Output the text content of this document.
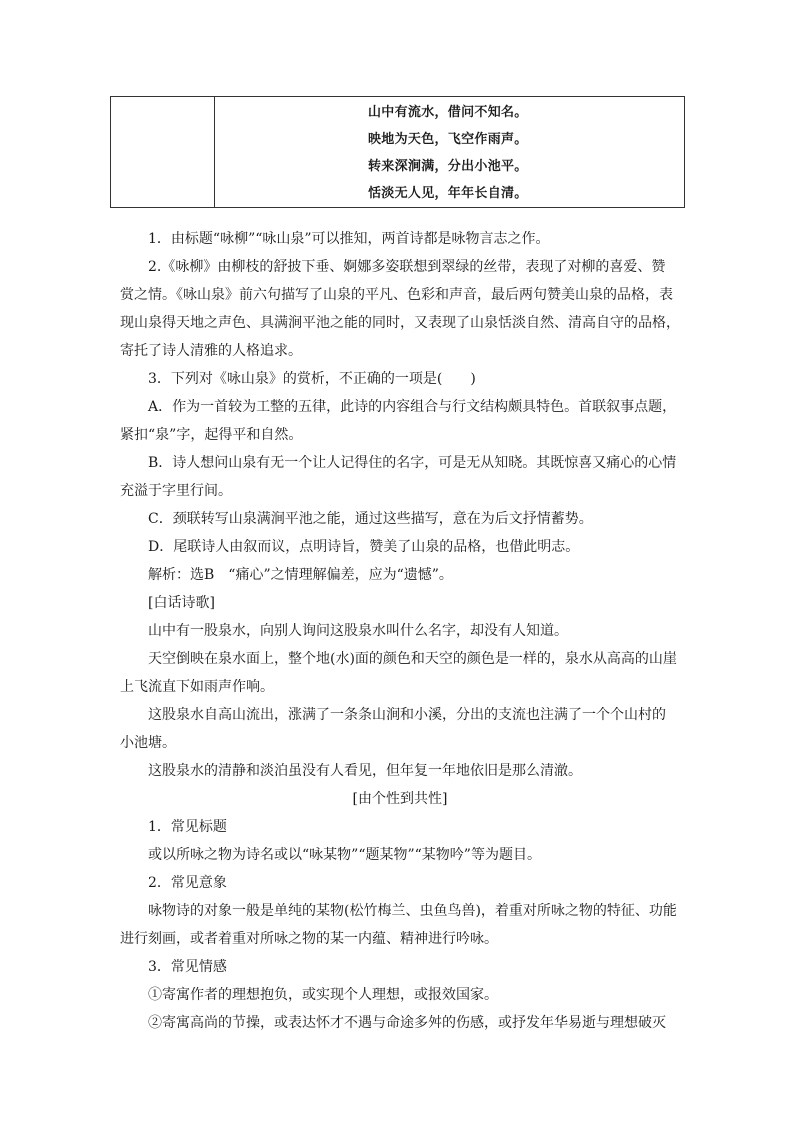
山中有流水，借问不知名。
映地为天色，飞空作雨声。
转来深涧满，分出小池平。
恬淡无人见，年年长自清。

1．由标题“咏柳”“咏山泉”可以推知，两首诗都是咏物言志之作。

2.《咏柳》由柳枝的舒披下垂、婀娜多姿联想到翠绿的丝带，表现了对柳的喜爱、赞

赏之情。《咏山泉》前六句描写了山泉的平凡、色彩和声音，最后两句赞美山泉的品格，表

现山泉得天地之声色、具满涧平池之能的同时，又表现了山泉恬淡自然、清高自守的品格，

寄托了诗人清雅的人格追求。

3．下列对《咏山泉》的赏析，不正确的一项是(　　)

A．作为一首较为工整的五律，此诗的内容组合与行文结构颇具特色。首联叙事点题，

紧扣“泉”字，起得平和自然。

B．诗人想问山泉有无一个让人记得住的名字，可是无从知晓。其既惊喜又痛心的心情

充溢于字里行间。

C．颈联转写山泉满涧平池之能，通过这些描写，意在为后文抒情蓄势。

D．尾联诗人由叙而议，点明诗旨，赞美了山泉的品格，也借此明志。

解析：选B　“痛心”之情理解偏差，应为“遗憾”。

[白话诗歌]

山中有一股泉水，向别人询问这股泉水叫什么名字，却没有人知道。

天空倒映在泉水面上，整个地(水)面的颜色和天空的颜色是一样的，泉水从高高的山崖

上飞流直下如雨声作响。

这股泉水自高山流出，涨满了一条条山涧和小溪，分出的支流也注满了一个个山村的

小池塘。

这股泉水的清静和淡泊虽没有人看见，但年复一年地依旧是那么清澈。

[由个性到共性]

1．常见标题

或以所咏之物为诗名或以“咏某物”“题某物”“某物吟”等为题目。

2．常见意象

咏物诗的对象一般是单纯的某物(松竹梅兰、虫鱼鸟兽)，着重对所咏之物的特征、功能

进行刻画，或者着重对所咏之物的某一内蕴、精神进行吟咏。

3．常见情感

①寄寓作者的理想抱负，或实现个人理想，或报效国家。

②寄寓高尚的节操，或表达怀才不遇与命途多舛的伤感，或抒发年华易逝与理想破灭
